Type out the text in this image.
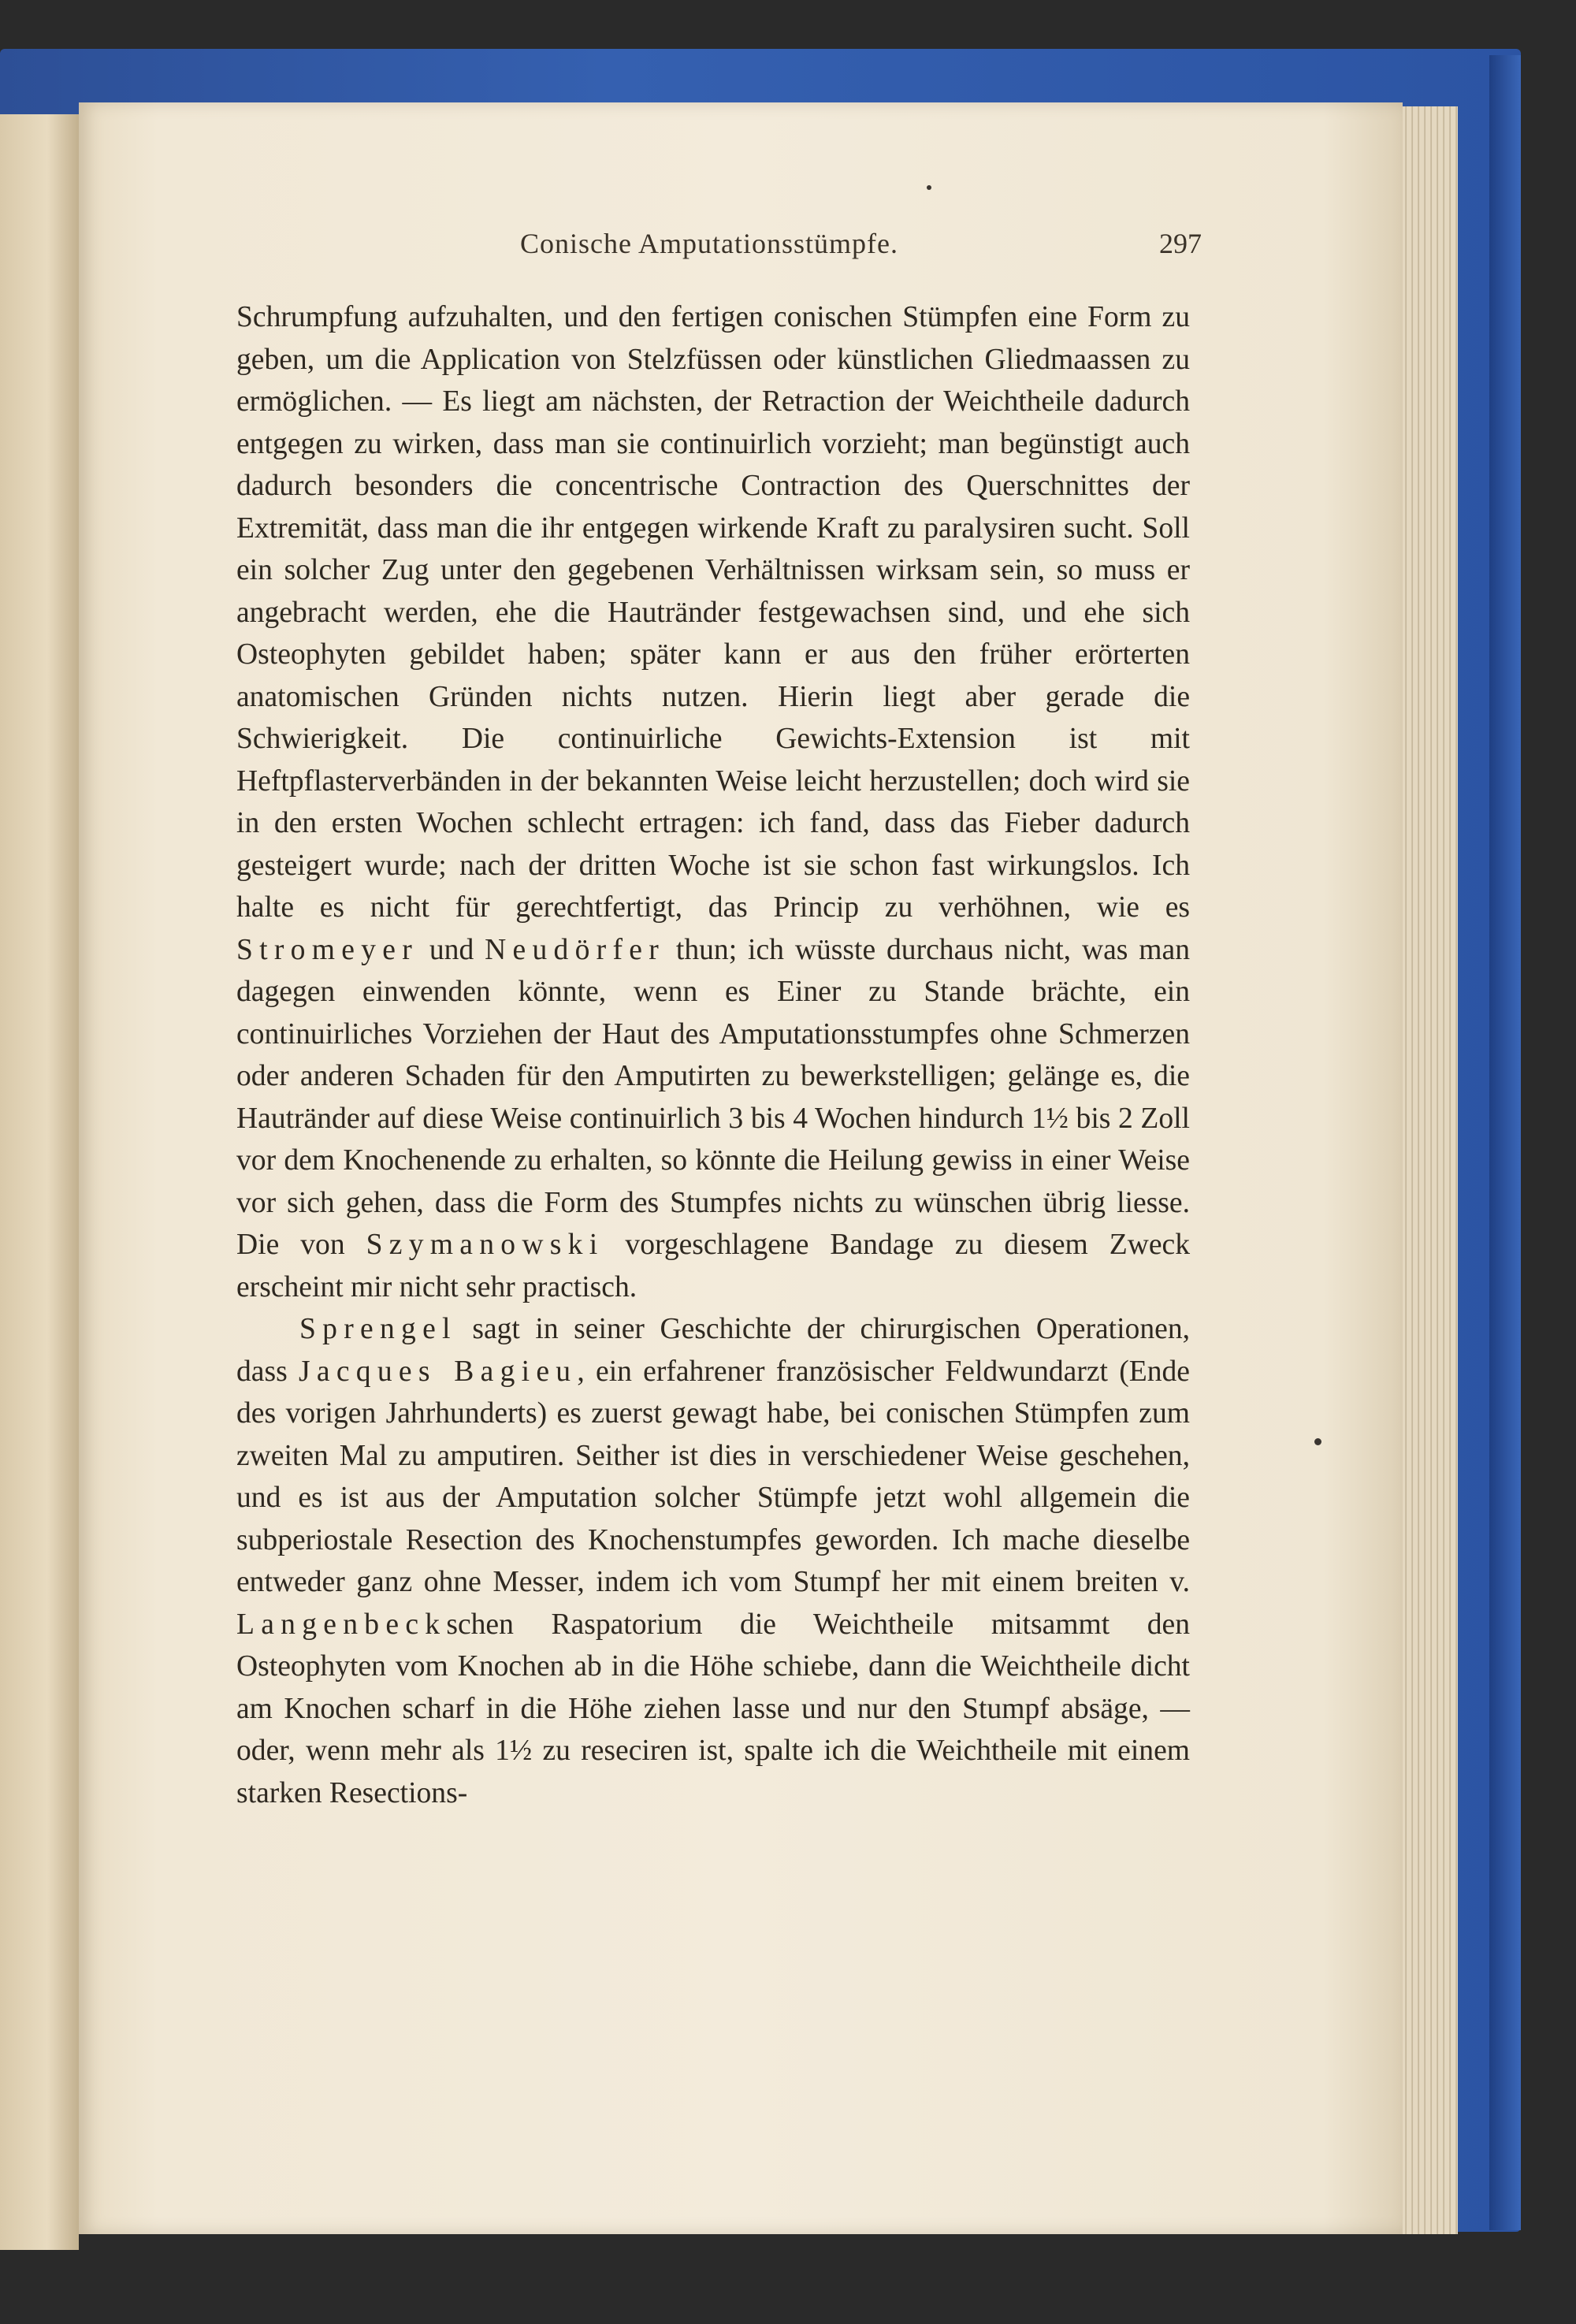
Conische Amputationsstümpfe.	297

Schrumpfung aufzuhalten, und den fertigen conischen Stümpfen eine Form zu geben, um die Application von Stelzfüssen oder künstlichen Gliedmaassen zu ermöglichen. — Es liegt am nächsten, der Retraction der Weichtheile dadurch entgegen zu wirken, dass man sie continuirlich vorzieht; man begünstigt auch dadurch besonders die concentrische Contraction des Querschnittes der Extremität, dass man die ihr entgegen wirkende Kraft zu paralysiren sucht. Soll ein solcher Zug unter den gegebenen Verhältnissen wirksam sein, so muss er angebracht werden, ehe die Hautränder festgewachsen sind, und ehe sich Osteophyten gebildet haben; später kann er aus den früher erörterten anatomischen Gründen nichts nutzen. Hierin liegt aber gerade die Schwierigkeit. Die continuirliche Gewichts-Extension ist mit Heftpflasterverbänden in der bekannten Weise leicht herzustellen; doch wird sie in den ersten Wochen schlecht ertragen: ich fand, dass das Fieber dadurch gesteigert wurde; nach der dritten Woche ist sie schon fast wirkungslos. Ich halte es nicht für gerechtfertigt, das Princip zu verhöhnen, wie es Stromeyer und Neudörfer thun; ich wüsste durchaus nicht, was man dagegen einwenden könnte, wenn es Einer zu Stande brächte, ein continuirliches Vorziehen der Haut des Amputationsstumpfes ohne Schmerzen oder anderen Schaden für den Amputirten zu bewerkstelligen; gelänge es, die Hautränder auf diese Weise continuirlich 3 bis 4 Wochen hindurch 1½ bis 2 Zoll vor dem Knochenende zu erhalten, so könnte die Heilung gewiss in einer Weise vor sich gehen, dass die Form des Stumpfes nichts zu wünschen übrig liesse. Die von Szymanowski vorgeschlagene Bandage zu diesem Zweck erscheint mir nicht sehr practisch.

Sprengel sagt in seiner Geschichte der chirurgischen Operationen, dass Jacques Bagieu, ein erfahrener französischer Feldwundarzt (Ende des vorigen Jahrhunderts) es zuerst gewagt habe, bei conischen Stümpfen zum zweiten Mal zu amputiren. Seither ist dies in verschiedener Weise geschehen, und es ist aus der Amputation solcher Stümpfe jetzt wohl allgemein die subperiostale Resection des Knochenstumpfes geworden. Ich mache dieselbe entweder ganz ohne Messer, indem ich vom Stumpf her mit einem breiten v. Langenbeckschen Raspatorium die Weichtheile mitsammt den Osteophyten vom Knochen ab in die Höhe schiebe, dann die Weichtheile dicht am Knochen scharf in die Höhe ziehen lasse und nur den Stumpf absäge, — oder, wenn mehr als 1½ zu reseciren ist, spalte ich die Weichtheile mit einem starken Resections-
